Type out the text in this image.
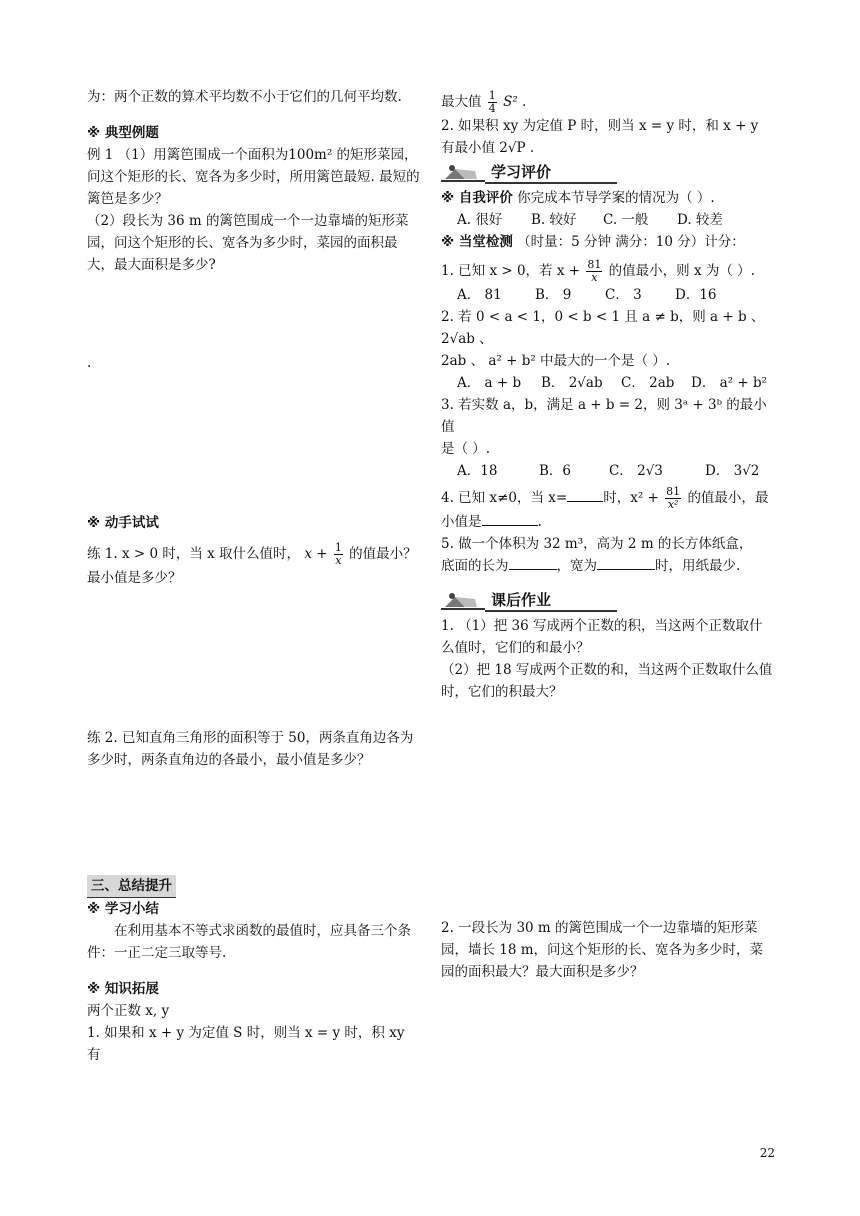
为：两个正数的算术平均数不小于它们的几何平均数.

※ 典型例题

例 1 （1）用篱笆围成一个面积为100m² 的矩形菜园，问这个矩形的长、宽各为多少时，所用篱笆最短. 最短的篱笆是多少？

（2）段长为 36 m 的篱笆围成一个一边靠墙的矩形菜园，问这个矩形的长、宽各为多少时，菜园的面积最大，最大面积是多少?

.

※ 动手试试

练 1. x > 0 时，当 x 取什么值时， $x + \frac{1}{x}$ 的值最小？

最小值是多少？

练 2. 已知直角三角形的面积等于 50，两条直角边各为多少时，两条直角边的各最小，最小值是多少？

三、总结提升

※ 学习小结

在利用基本不等式求函数的最值时，应具备三个条件：一正二定三取等号.

※ 知识拓展

两个正数 x, y

1. 如果和 x + y 为定值 S 时，则当 x = y 时，积 xy 有

最大值 $\frac{1}{4} S^2$ .

2. 如果积 xy 为定值 P 时，则当 x = y 时，和 x + y 有最小值 2√P .

学习评价

※ 自我评价 你完成本节导学案的情况为（ ）.

A. 很好	B. 较好	C. 一般	D. 较差

※ 当堂检测 （时量：5 分钟 满分：10 分）计分：

1. 已知 x > 0，若 $x + \frac{81}{x}$ 的值最小，则 x 为（ ）.

A． 81	B． 9	C． 3	D．16

2. 若 0 < a < 1，0 < b < 1 且 a ≠ b，则 a + b 、2√ab 、

2ab 、 a² + b² 中最大的一个是（ ）.

A． a + b	B． 2√ab	C． 2ab	D． a² + b²

3. 若实数 a，b，满足 a + b = 2，则 3ᵃ + 3ᵇ 的最小值

是（ ）.

A．18	B．6	C． 2√3	D． 3√2

4. 已知 x≠0，当 x=	时，$x^2 + \frac{81}{\text{x²}}$ 的值最小，最

小值是	.

5. 做一个体积为 32 m³，高为 2 m 的长方体纸盒，

底面的长为	，宽为	时，用纸最少.

课后作业

1. （1）把 36 写成两个正数的积，当这两个正数取什么值时，它们的和最小？

（2）把 18 写成两个正数的和，当这两个正数取什么值时，它们的积最大？

2. 一段长为 30 m 的篱笆围成一个一边靠墙的矩形菜园，墙长 18 m，问这个矩形的长、宽各为多少时，菜园的面积最大？最大面积是多少？

22
